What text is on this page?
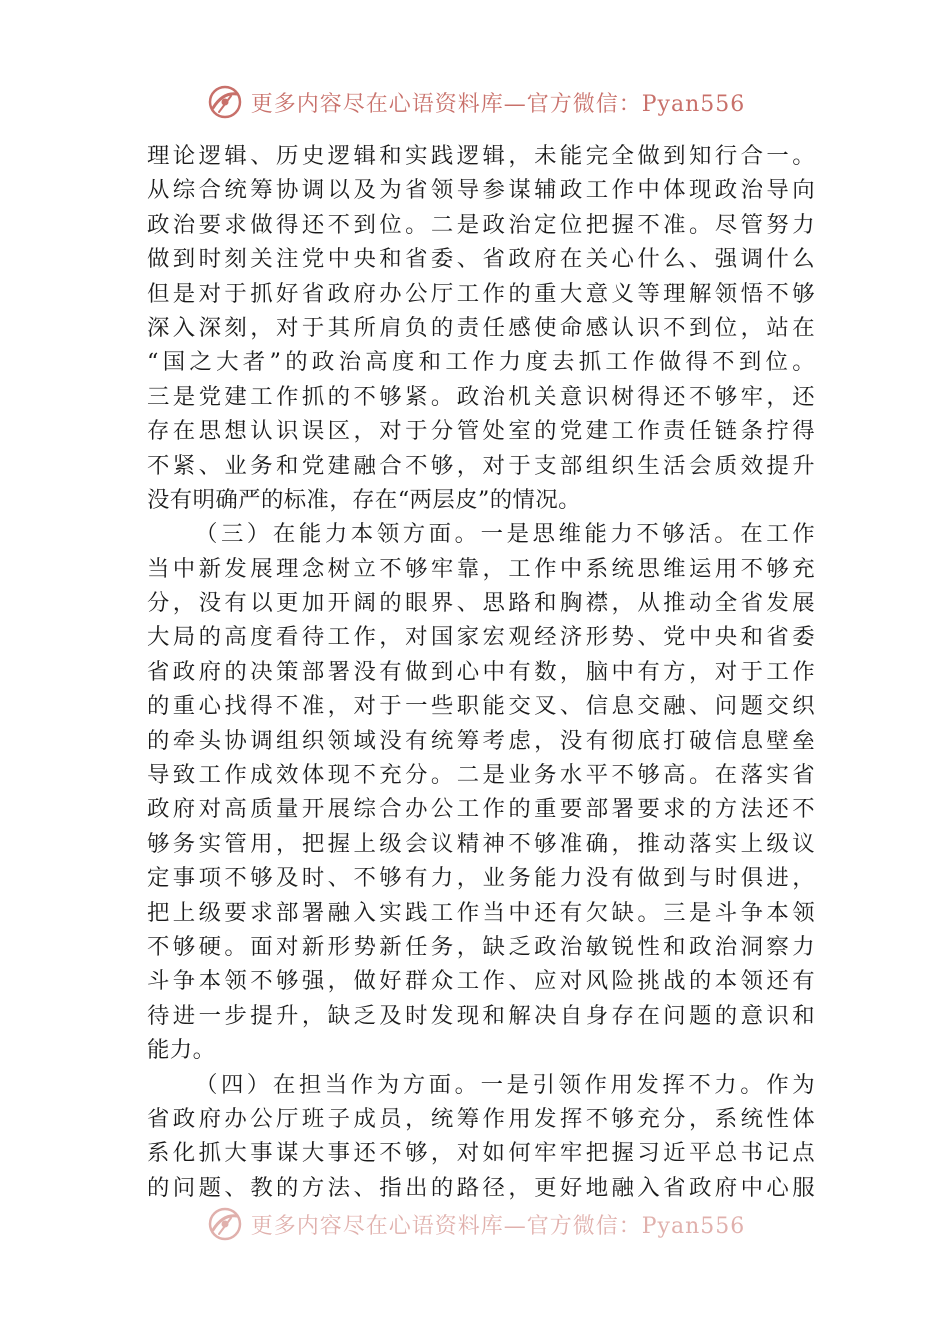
更多内容尽在心语资料库—官方微信：Pyan556
理论逻辑、历史逻辑和实践逻辑，未能完全做到知行合一。
从综合统筹协调以及为省领导参谋辅政工作中体现政治导向
政治要求做得还不到位。二是政治定位把握不准。尽管努力
做到时刻关注党中央和省委、省政府在关心什么、强调什么
但是对于抓好省政府办公厅工作的重大意义等理解领悟不够
深入深刻，对于其所肩负的责任感使命感认识不到位，站在
“国之大者”的政治高度和工作力度去抓工作做得不到位。
三是党建工作抓的不够紧。政治机关意识树得还不够牢，还
存在思想认识误区，对于分管处室的党建工作责任链条拧得
不紧、业务和党建融合不够，对于支部组织生活会质效提升
没有明确严的标准，存在“两层皮”的情况。
（三）在能力本领方面。一是思维能力不够活。在工作
当中新发展理念树立不够牢靠，工作中系统思维运用不够充
分，没有以更加开阔的眼界、思路和胸襟，从推动全省发展
大局的高度看待工作，对国家宏观经济形势、党中央和省委
省政府的决策部署没有做到心中有数，脑中有方，对于工作
的重心找得不准，对于一些职能交叉、信息交融、问题交织
的牵头协调组织领域没有统筹考虑，没有彻底打破信息壁垒
导致工作成效体现不充分。二是业务水平不够高。在落实省
政府对高质量开展综合办公工作的重要部署要求的方法还不
够务实管用，把握上级会议精神不够准确，推动落实上级议
定事项不够及时、不够有力，业务能力没有做到与时俱进，
把上级要求部署融入实践工作当中还有欠缺。三是斗争本领
不够硬。面对新形势新任务，缺乏政治敏锐性和政治洞察力
斗争本领不够强，做好群众工作、应对风险挑战的本领还有
待进一步提升，缺乏及时发现和解决自身存在问题的意识和
能力。
（四）在担当作为方面。一是引领作用发挥不力。作为
省政府办公厅班子成员，统筹作用发挥不够充分，系统性体
系化抓大事谋大事还不够，对如何牢牢把握习近平总书记点
的问题、教的方法、指出的路径，更好地融入省政府中心服
更多内容尽在心语资料库—官方微信：Pyan556
